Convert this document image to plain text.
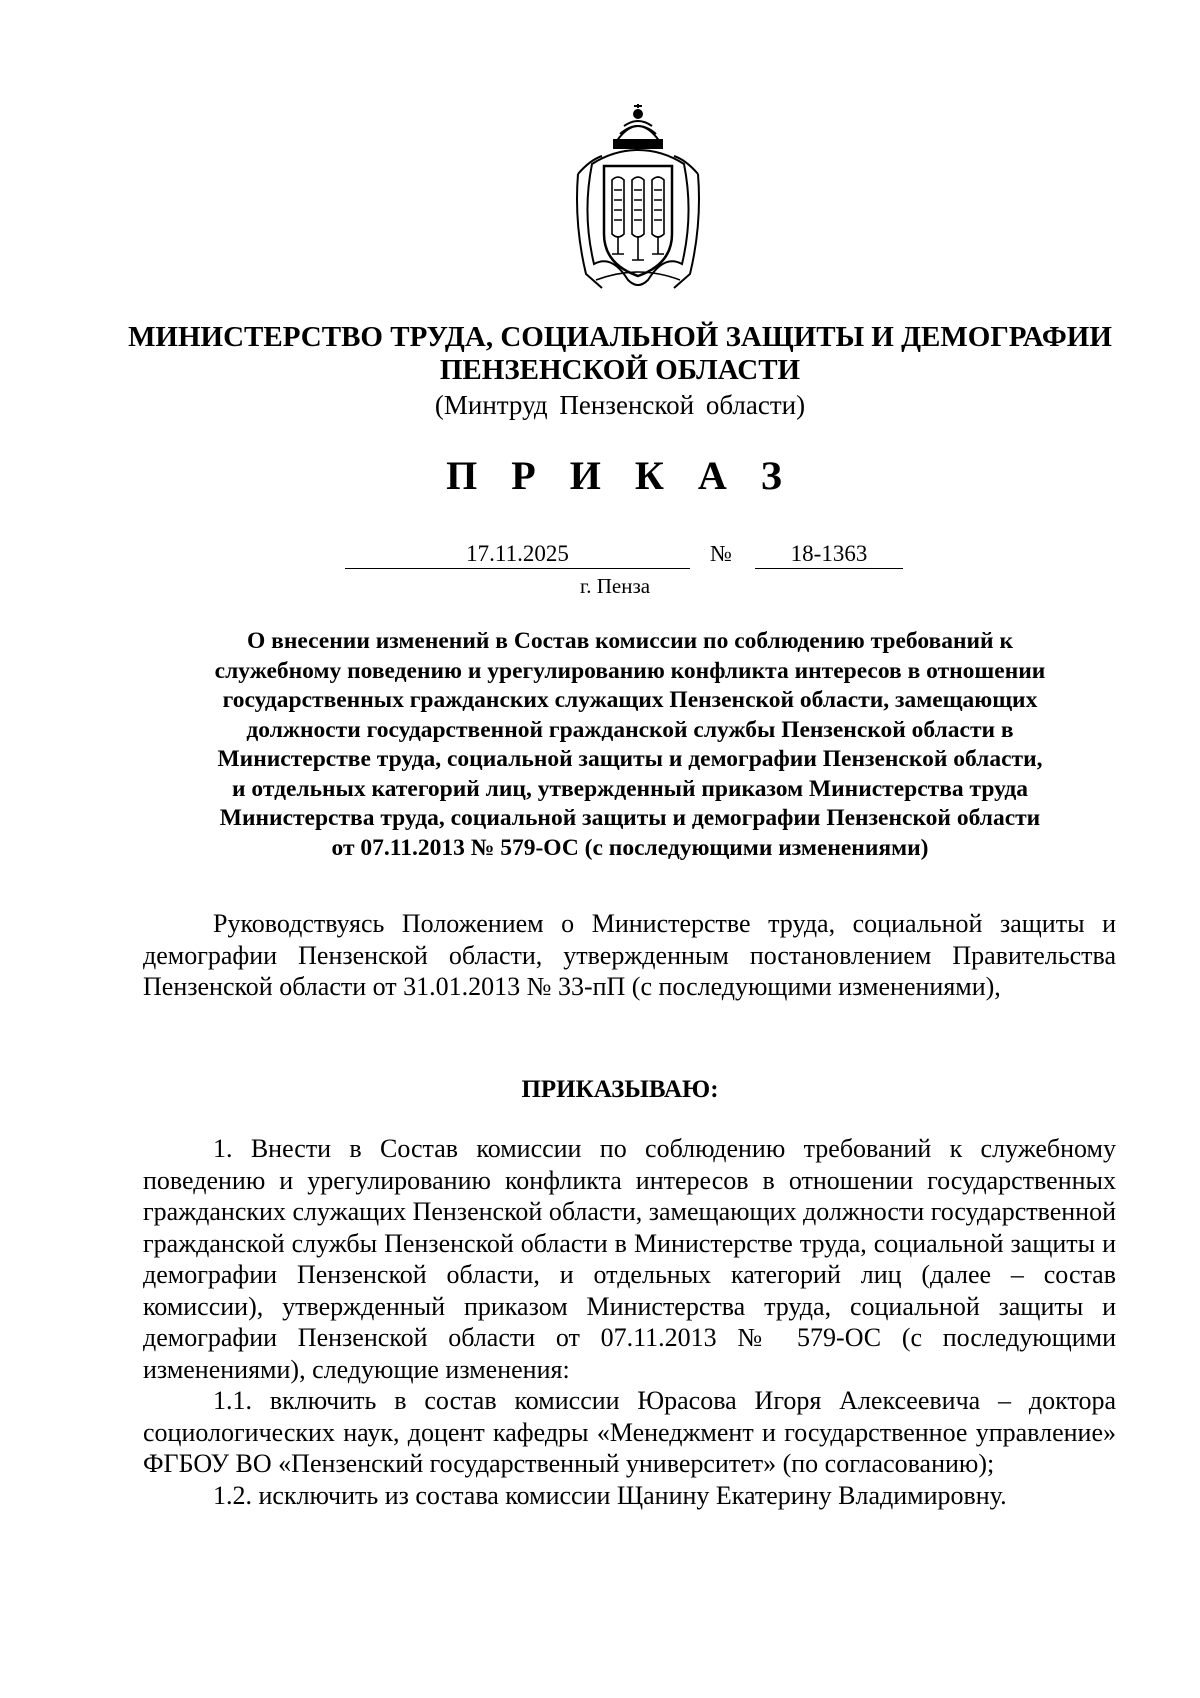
МИНИСТЕРСТВО ТРУДА, СОЦИАЛЬНОЙ ЗАЩИТЫ И ДЕМОГРАФИИ
ПЕНЗЕНСКОЙ ОБЛАСТИ
(Минтруд Пензенской области)
П Р И К А З
17.11.2025	№	18-1363
г. Пенза
О внесении изменений в Состав комиссии по соблюдению требований к
служебному поведению и урегулированию конфликта интересов в отношении
государственных гражданских служащих Пензенской области, замещающих
должности государственной гражданской службы Пензенской области в
Министерстве труда, социальной защиты и демографии Пензенской области,
и отдельных категорий лиц, утвержденный приказом Министерства труда
Министерства труда, социальной защиты и демографии Пензенской области
от 07.11.2013 № 579-ОС (с последующими изменениями)

Руководствуясь Положением о Министерстве труда, социальной защиты и демографии Пензенской области, утвержденным постановлением Правительства Пензенской области от 31.01.2013 № 33-пП (с последующими изменениями),

ПРИКАЗЫВАЮ:

1. Внести в Состав комиссии по соблюдению требований к служебному поведению и урегулированию конфликта интересов в отношении государственных гражданских служащих Пензенской области, замещающих должности государственной гражданской службы Пензенской области в Министерстве труда, социальной защиты и демографии Пензенской области, и отдельных категорий лиц (далее – состав комиссии), утвержденный приказом Министерства труда, социальной защиты и демографии Пензенской области от 07.11.2013 № 579-ОС (с последующими изменениями), следующие изменения:

1.1. включить в состав комиссии Юрасова Игоря Алексеевича – доктора социологических наук, доцент кафедры «Менеджмент и государственное управление» ФГБОУ ВО «Пензенский государственный университет» (по согласованию);

1.2. исключить из состава комиссии Щанину Екатерину Владимировну.
